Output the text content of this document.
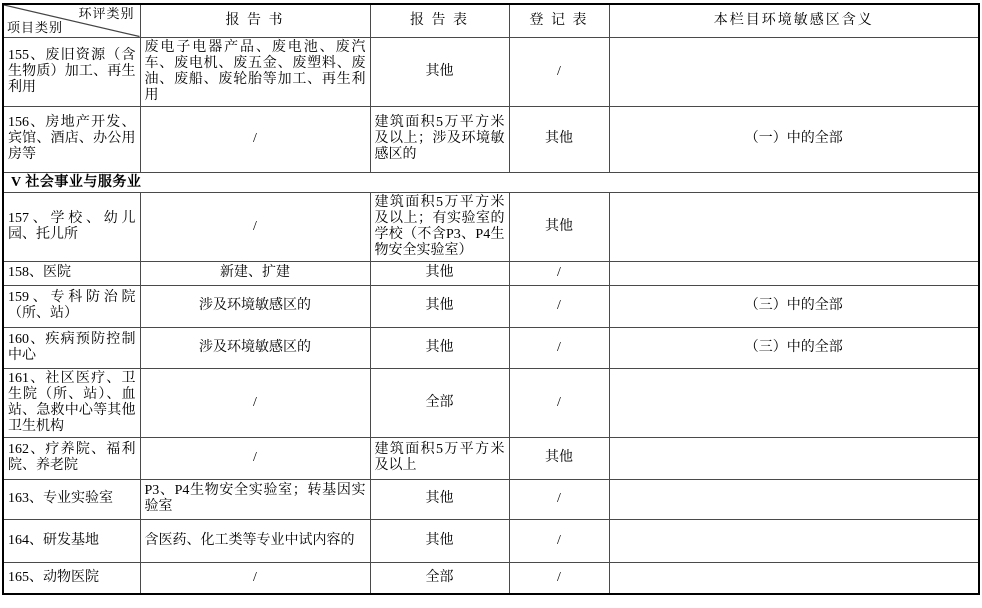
环评类别
项目类别	报 告 书	报 告 表	登 记 表	本栏目环境敏感区含义
155、废旧资源（含生物质）加工、再生利用	废电子电器产品、废电池、废汽车、废电机、废五金、废塑料、废油、废船、废轮胎等加工、再生利用	其他	/	
156、房地产开发、宾馆、酒店、办公用房等	/	建筑面积5万平方米及以上；涉及环境敏感区的	其他	（一）中的全部
V 社会事业与服务业				
157、学校、幼儿园、托儿所	/	建筑面积5万平方米及以上；有实验室的学校（不含P3、P4生物安全实验室）	其他	
158、医院	新建、扩建	其他	/	
159、专科防治院（所、站）	涉及环境敏感区的	其他	/	（三）中的全部
160、疾病预防控制中心	涉及环境敏感区的	其他	/	（三）中的全部
161、社区医疗、卫生院（所、站）、血站、急救中心等其他卫生机构	/	全部	/	
162、疗养院、福利院、养老院	/	建筑面积5万平方米及以上	其他	
163、专业实验室	P3、P4生物安全实验室；转基因实验室	其他	/	
164、研发基地	含医药、化工类等专业中试内容的	其他	/	
165、动物医院	/	全部	/	
